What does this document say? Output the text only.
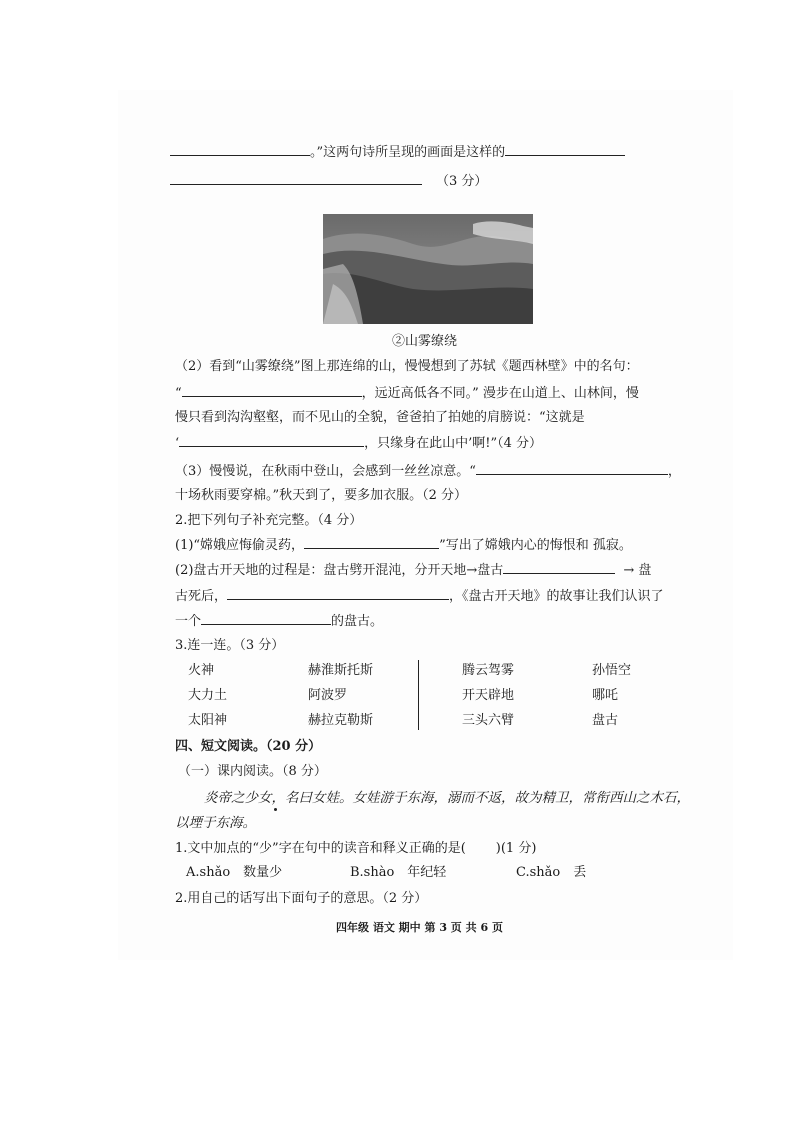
。”这两句诗所呈现的画面是这样的
（3 分）
②山雾缭绕
（2）看到“山雾缭绕”图上那连绵的山，慢慢想到了苏轼《题西林壁》中的名句：
“	，远近高低各不同。” 漫步在山道上、山林间，慢
慢只看到沟沟壑壑，而不见山的全貌，爸爸拍了拍她的肩膀说：“这就是
‘	，只缘身在此山中’啊!”（4 分）
（3）慢慢说，在秋雨中登山，会感到一丝丝凉意。“	，
十场秋雨要穿棉。”秋天到了，要多加衣服。（2 分）
2.把下列句子补充完整。（4 分）
(1)“嫦娥应悔偷灵药，	”写出了嫦娥内心的悔恨和 孤寂。
(2)盘古开天地的过程是：盘古劈开混沌，分开天地→盘古	→ 盘
古死后，	，《盘古开天地》的故事让我们认识了
一个	的盘古。
3.连一连。（3 分）
火神	赫淮斯托斯	腾云驾雾	孙悟空
大力土	阿波罗	开天辟地	哪吒
太阳神	赫拉克勒斯	三头六臂	盘古
四、短文阅读。（20 分）
（一）课内阅读。（8 分）
炎帝之少女，名曰女娃。女娃游于东海，溺而不返，故为精卫，常衔西山之木石，
以堙于东海。
1.文中加点的“少”字在句中的读音和释义正确的是( )(1 分)
A.shǎo　数量少	B.shào　年纪轻	C.shǎo　丢
2.用自己的话写出下面句子的意思。（2 分）
四年级 语文 期中 第 3 页 共 6 页
